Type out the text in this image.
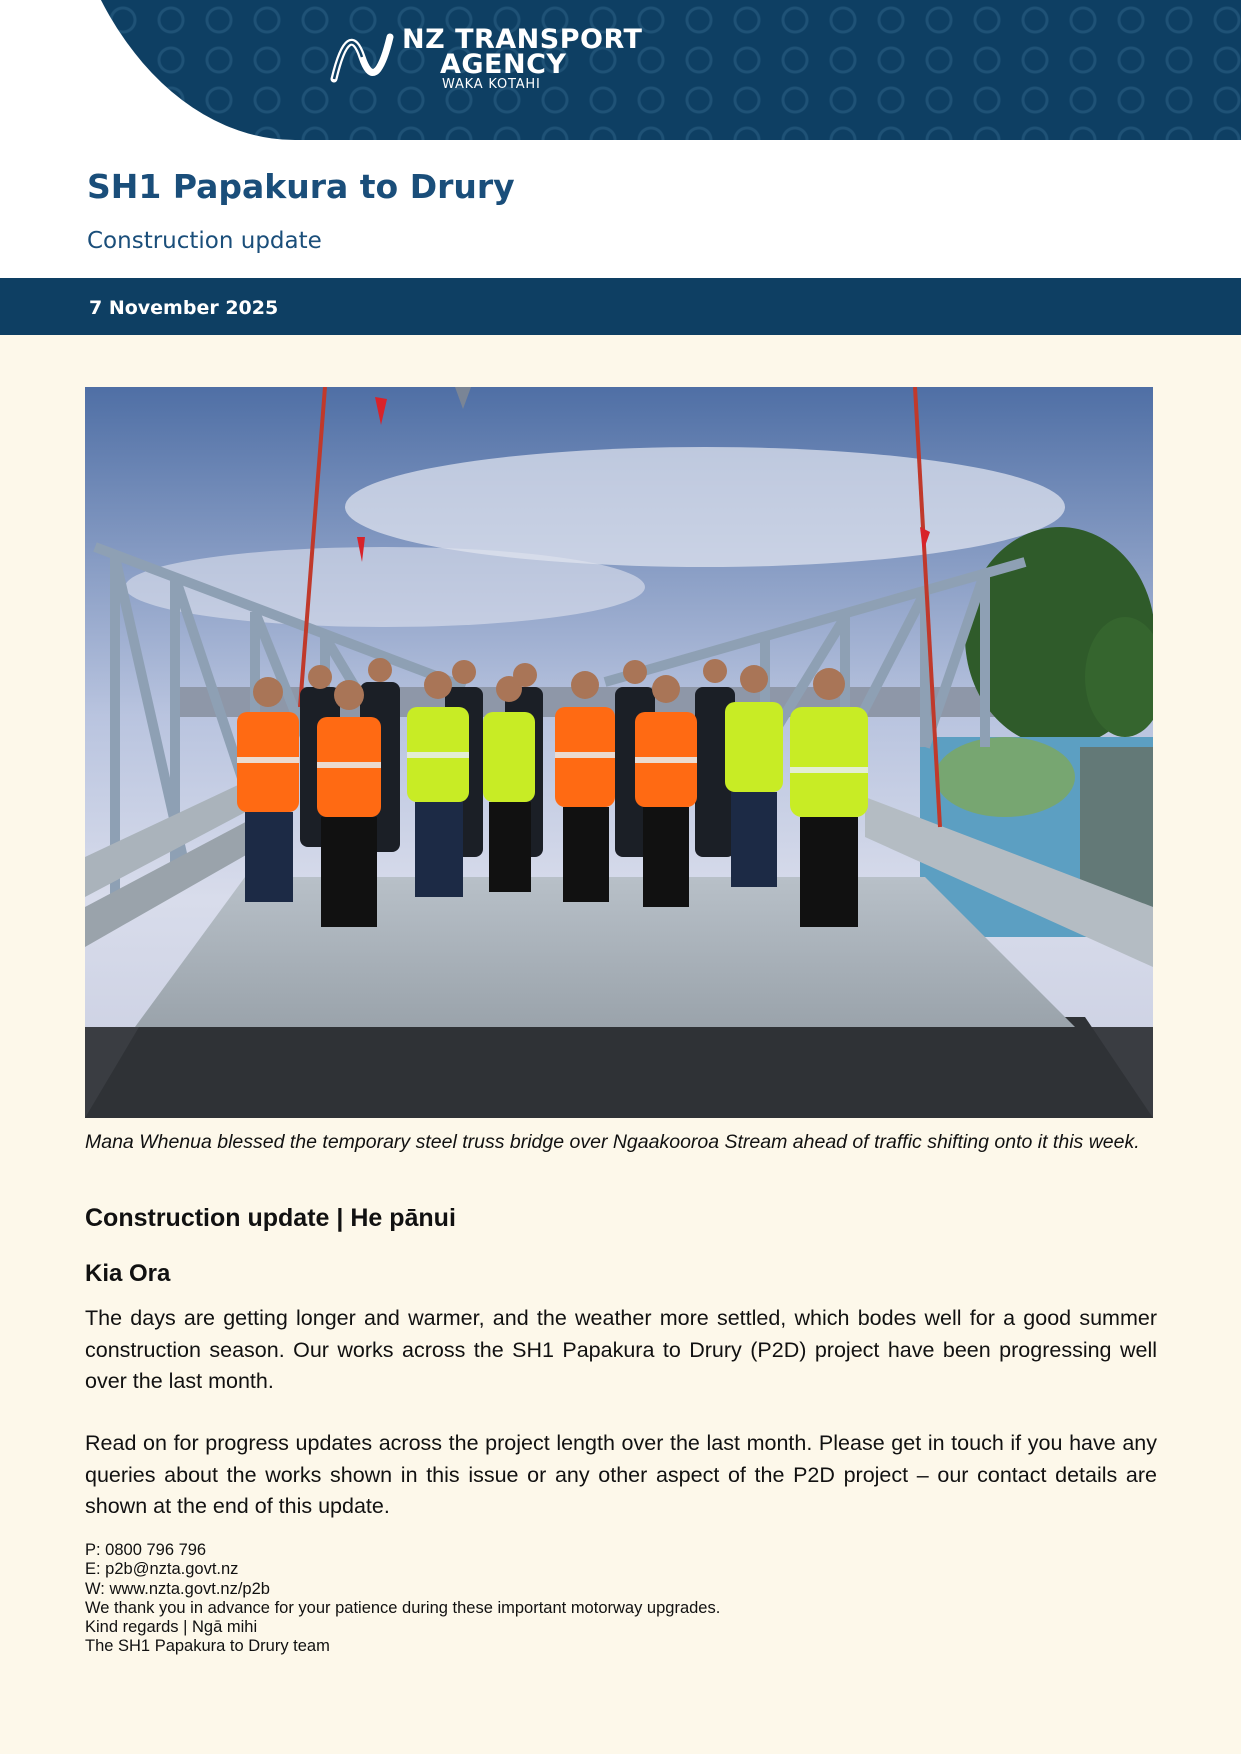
NZ TRANSPORT
AGENCY
WAKA KOTAHI
SH1 Papakura to Drury
Construction update
7 November 2025
Mana Whenua blessed the temporary steel truss bridge over Ngaakooroa Stream ahead of traffic shifting onto it this week.
Construction update | He pānui
Kia Ora
The days are getting longer and warmer, and the weather more settled, which bodes well for a good summer construction season. Our works across the SH1 Papakura to Drury (P2D) project have been progressing well over the last month.
Read on for progress updates across the project length over the last month. Please get in touch if you have any queries about the works shown in this issue or any other aspect of the P2D project – our contact details are shown at the end of this update.
P: 0800 796 796
E: p2b@nzta.govt.nz
W: www.nzta.govt.nz/p2b
We thank you in advance for your patience during these important motorway upgrades.
Kind regards | Ngā mihi
The SH1 Papakura to Drury team
